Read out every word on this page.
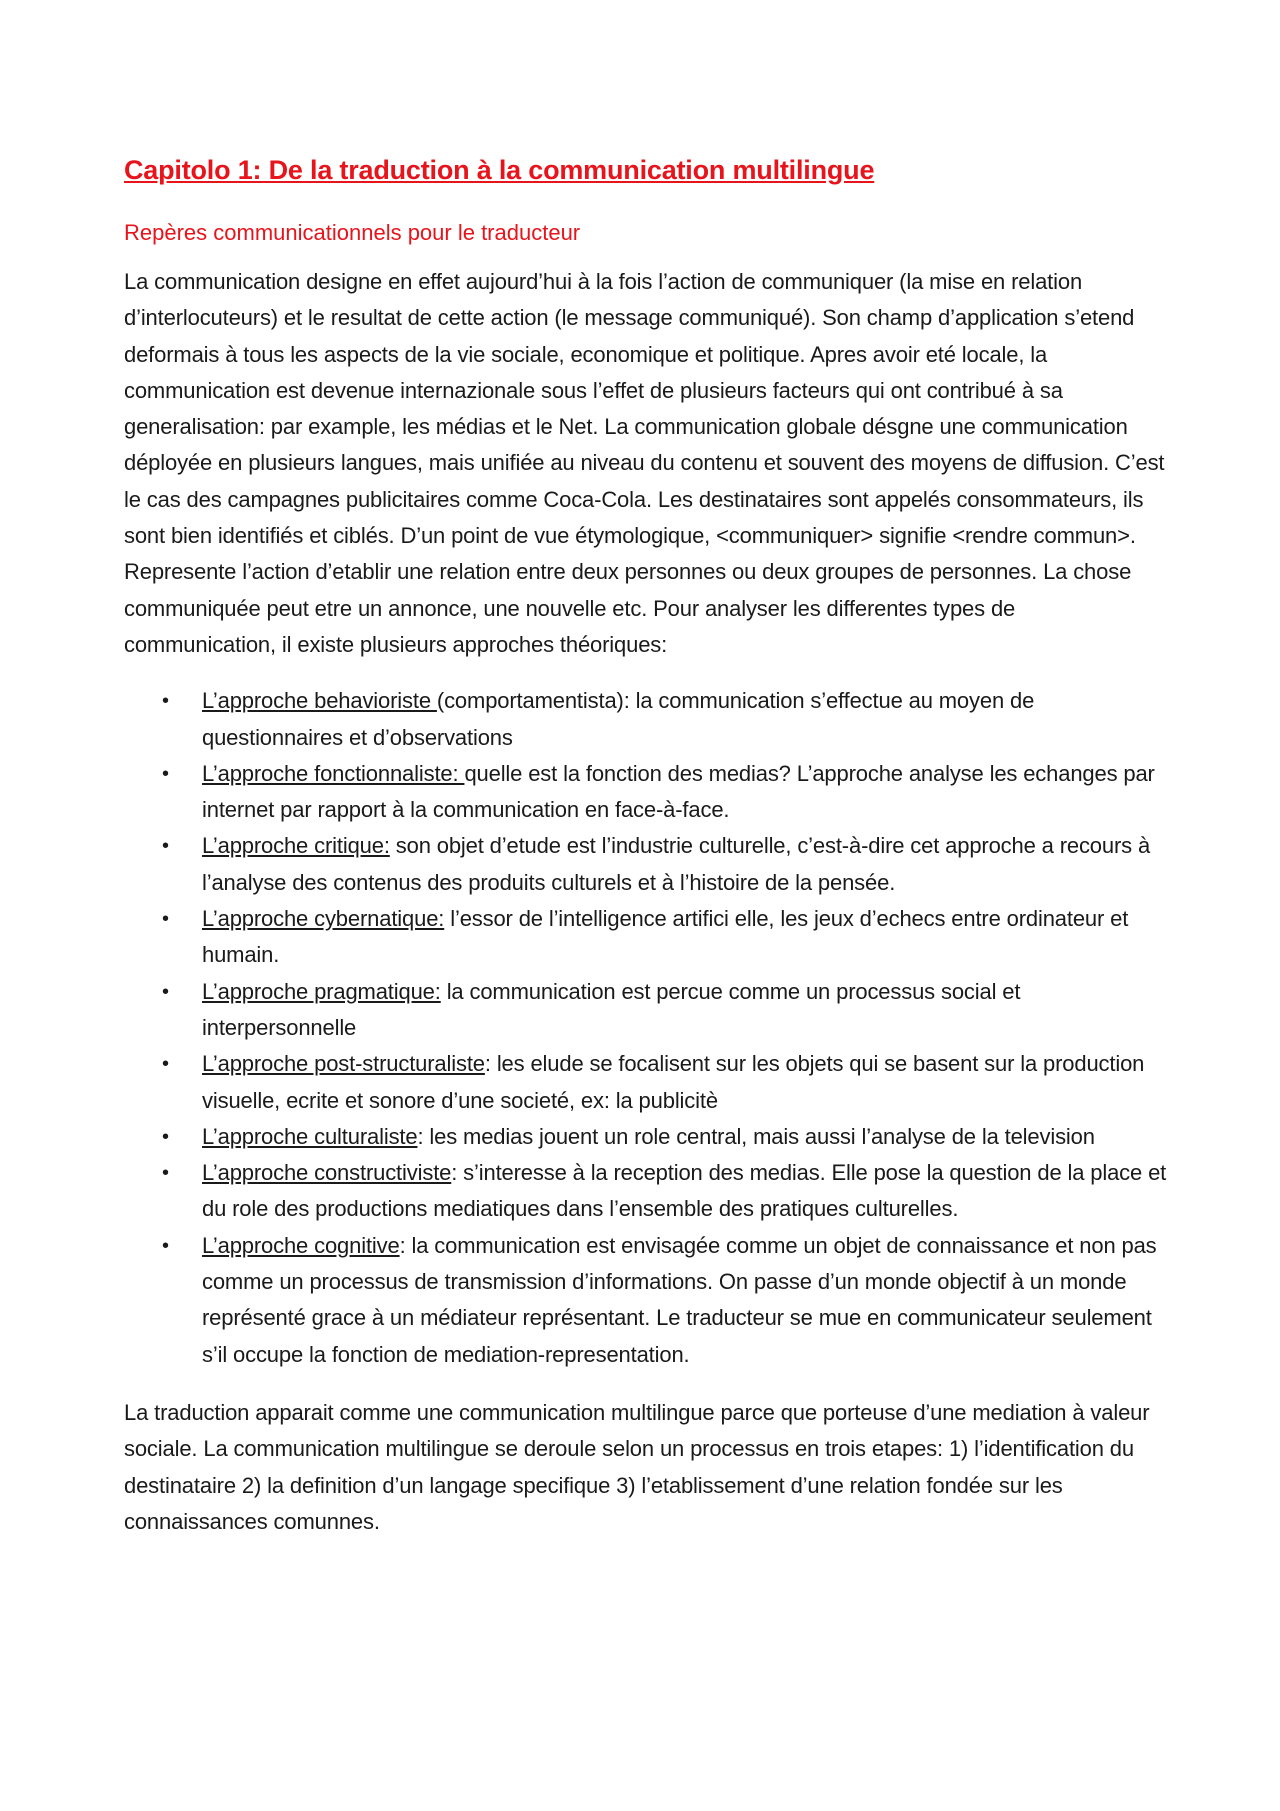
Capitolo 1: De la traduction à la communication multilingue
Repères communicationnels pour le traducteur

La communication designe en effet aujourd’hui à la fois l’action de communiquer (la mise en relation d’interlocuteurs) et le resultat de cette action (le message communiqué). Son champ d’application s’etend deformais à tous les aspects de la vie sociale, economique et politique. Apres avoir eté locale, la communication est devenue internazionale sous l’effet de plusieurs facteurs qui ont contribué à sa generalisation: par example, les médias et le Net. La communication globale désgne une communication déployée en plusieurs langues, mais unifiée au niveau du contenu et souvent des moyens de diffusion. C’est le cas des campagnes publicitaires comme Coca-Cola. Les destinataires sont appelés consommateurs, ils sont bien identifiés et ciblés. D’un point de vue étymologique, <communiquer> signifie <rendre commun>. Represente l’action d’etablir une relation entre deux personnes ou deux groupes de personnes. La chose communiquée peut etre un annonce, une nouvelle etc. Pour analyser les differentes types de communication, il existe plusieurs approches théoriques:

• L’approche behavioriste (comportamentista): la communication s’effectue au moyen de questionnaires et d’observations
• L’approche fonctionnaliste: quelle est la fonction des medias? L’approche analyse les echanges par internet par rapport à la communication en face-à-face.
• L’approche critique: son objet d’etude est l’industrie culturelle, c’est-à-dire cet approche a recours à l’analyse des contenus des produits culturels et à l’histoire de la pensée.
• L’approche cybernatique: l’essor de l’intelligence artifici elle, les jeux d’echecs entre ordinateur et humain.
• L’approche pragmatique: la communication est percue comme un processus social et interpersonnelle
• L’approche post-structuraliste: les elude se focalisent sur les objets qui se basent sur la production visuelle, ecrite et sonore d’une societé, ex: la publicitè
• L’approche culturaliste: les medias jouent un role central, mais aussi l’analyse de la television
• L’approche constructiviste: s’interesse à la reception des medias. Elle pose la question de la place et du role des productions mediatiques dans l’ensemble des pratiques culturelles.
• L’approche cognitive: la communication est envisagée comme un objet de connaissance et non pas comme un processus de transmission d’informations. On passe d’un monde objectif à un monde représenté grace à un médiateur représentant. Le traducteur se mue en communicateur seulement s’il occupe la fonction de mediation-representation.

La traduction apparait comme une communication multilingue parce que porteuse d’une mediation à valeur sociale. La communication multilingue se deroule selon un processus en trois etapes: 1) l’identification du destinataire 2) la definition d’un langage specifique 3) l’etablissement d’une relation fondée sur les connaissances comunnes.
